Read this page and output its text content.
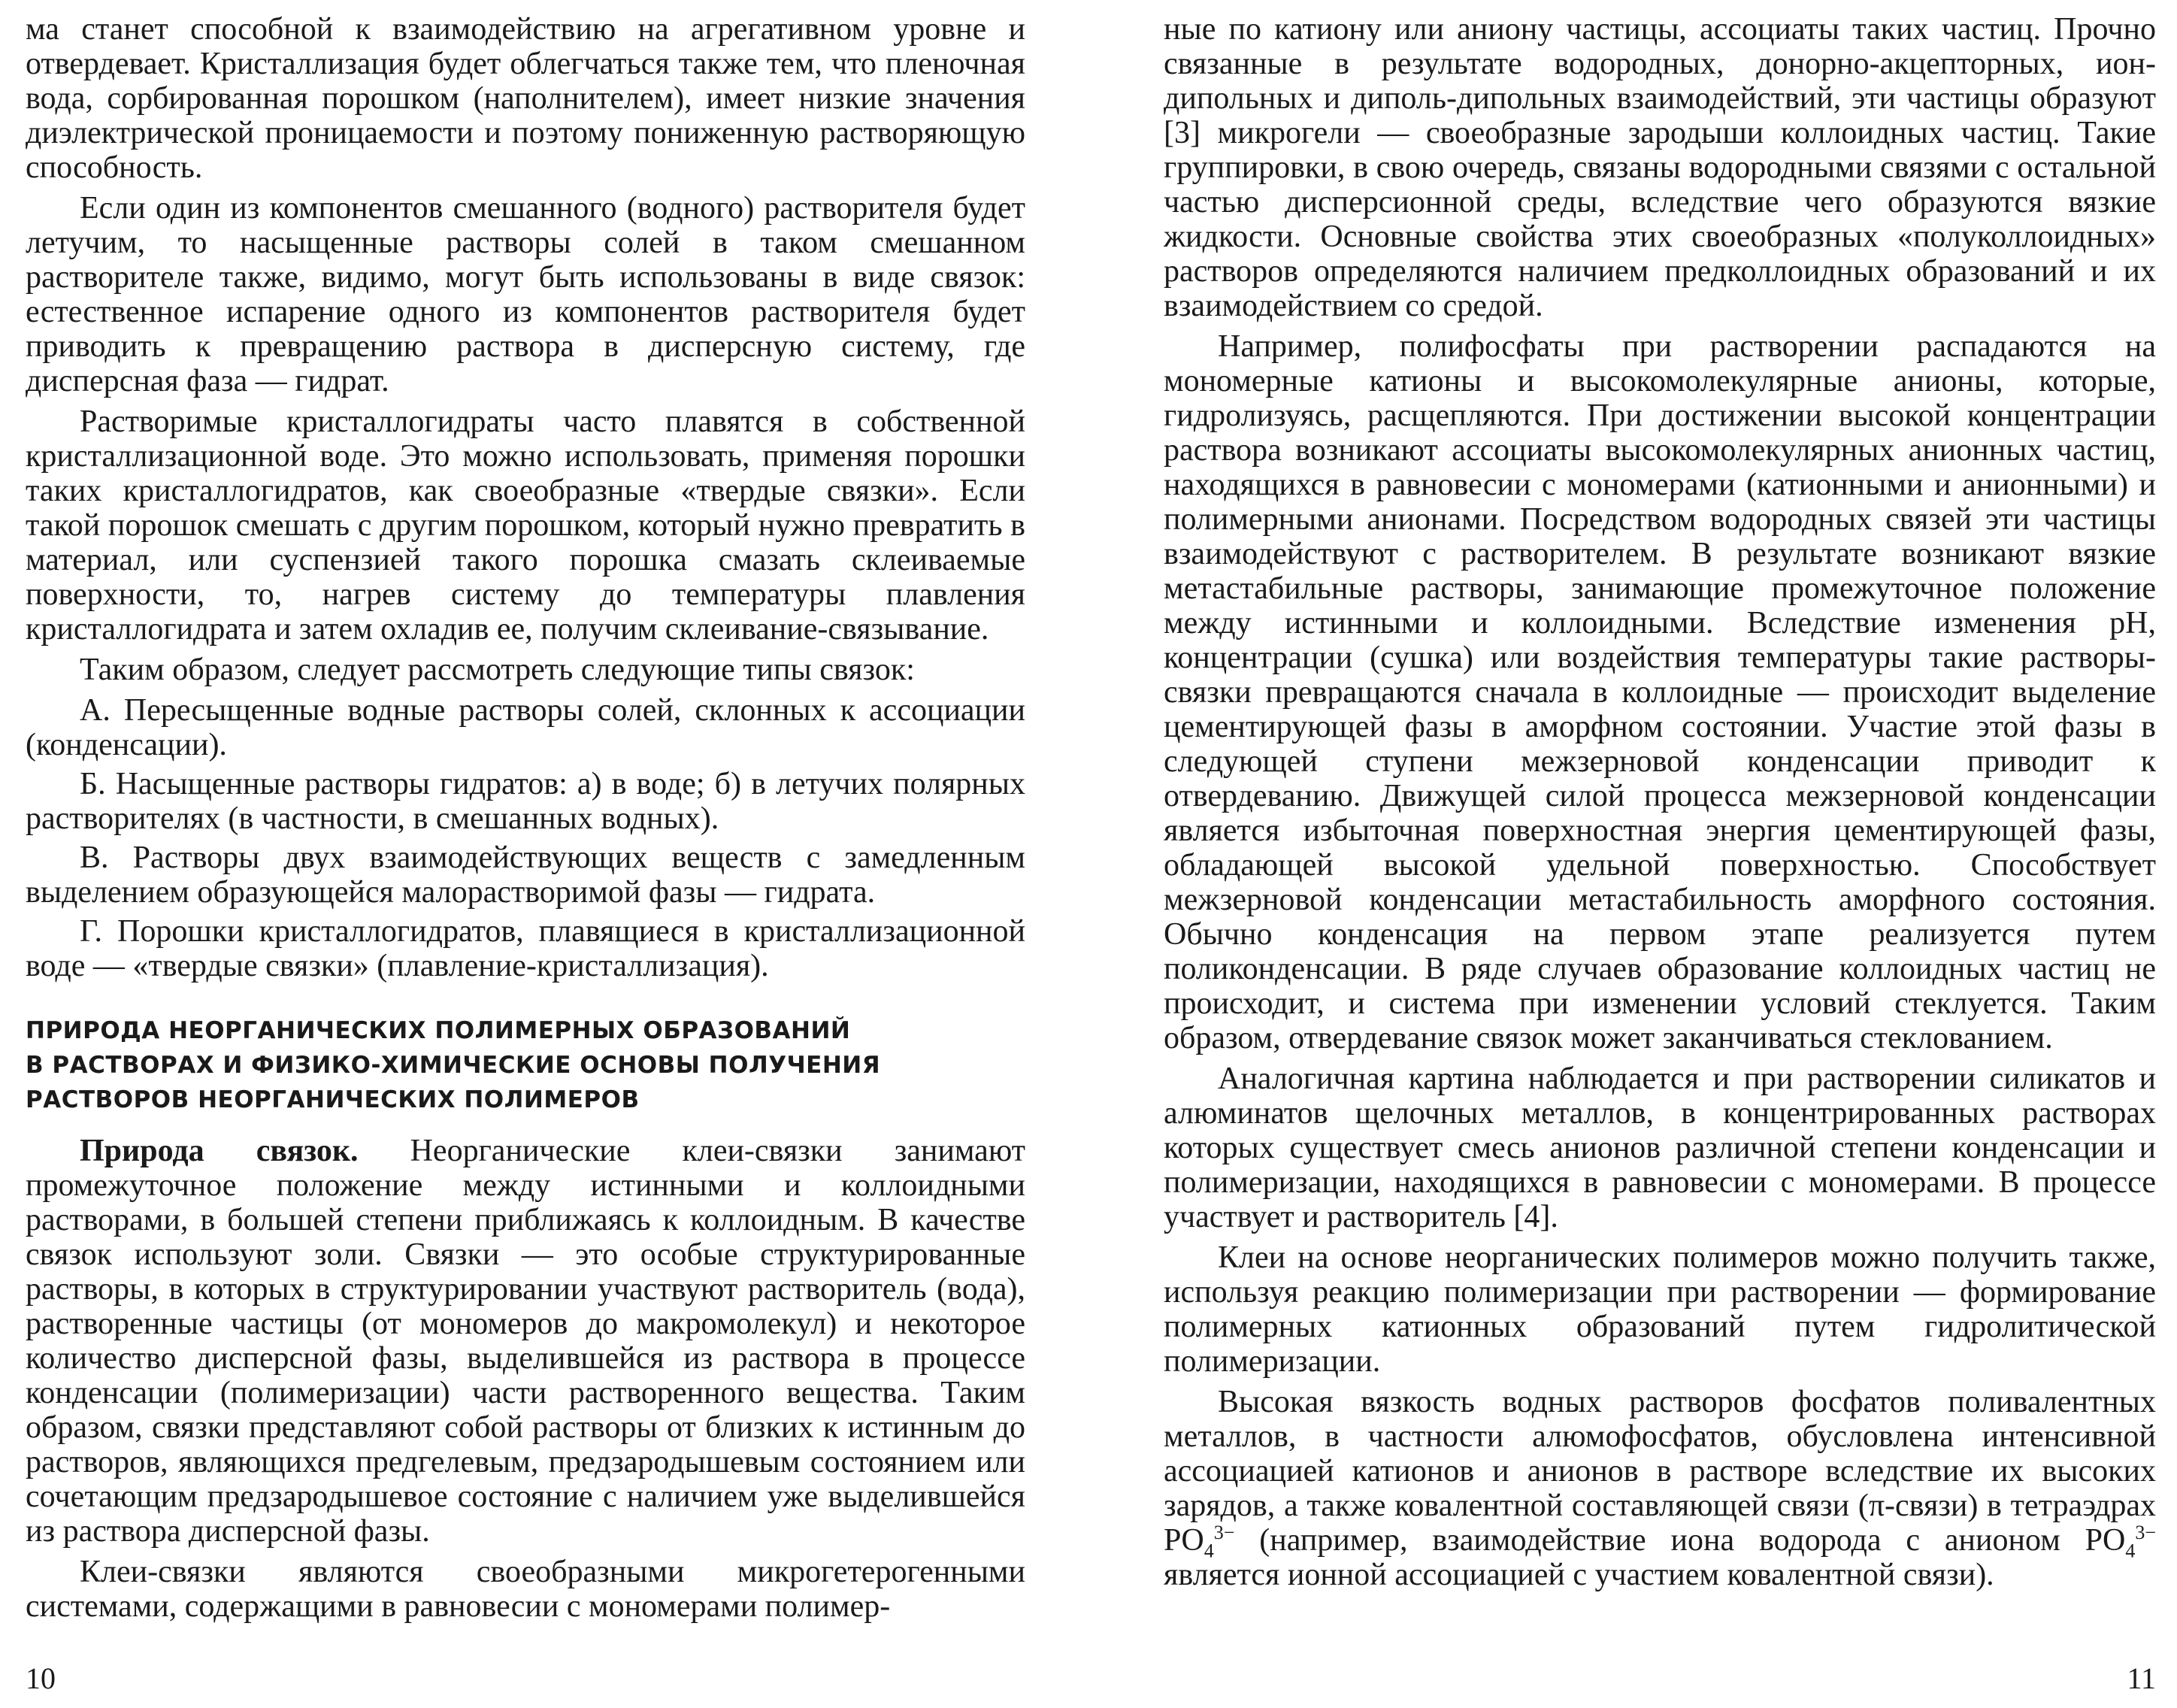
ма станет способной к взаимодействию на агрегативном уровне и отвердевает. Кристаллизация будет облегчаться также тем, что пленочная вода, сорбированная порошком (наполнителем), имеет низкие значения диэлектрической проницаемости и поэтому пониженную растворяющую способность.

Если один из компонентов смешанного (водного) растворителя будет летучим, то насыщенные растворы солей в таком смешанном растворителе также, видимо, могут быть использованы в виде связок: естественное испарение одного из компонентов растворителя будет приводить к превращению раствора в дисперсную систему, где дисперсная фаза — гидрат.

Растворимые кристаллогидраты часто плавятся в собственной кристаллизационной воде. Это можно использовать, применяя порошки таких кристаллогидратов, как своеобразные «твердые связки». Если такой порошок смешать с другим порошком, который нужно превратить в материал, или суспензией такого порошка смазать склеиваемые поверхности, то, нагрев систему до температуры плавления кристаллогидрата и затем охладив ее, получим склеивание-связывание.

Таким образом, следует рассмотреть следующие типы связок:

А. Пересыщенные водные растворы солей, склонных к ассоциации (конденсации).

Б. Насыщенные растворы гидратов: а) в воде; б) в летучих полярных растворителях (в частности, в смешанных водных).

В. Растворы двух взаимодействующих веществ с замедленным выделением образующейся малорастворимой фазы — гидрата.

Г. Порошки кристаллогидратов, плавящиеся в кристаллизационной воде — «твердые связки» (плавление-кристаллизация).

ПРИРОДА НЕОРГАНИЧЕСКИХ ПОЛИМЕРНЫХ ОБРАЗОВАНИЙ
В РАСТВОРАХ И ФИЗИКО-ХИМИЧЕСКИЕ ОСНОВЫ ПОЛУЧЕНИЯ
РАСТВОРОВ НЕОРГАНИЧЕСКИХ ПОЛИМЕРОВ

Природа связок. Неорганические клеи-связки занимают промежуточное положение между истинными и коллоидными растворами, в большей степени приближаясь к коллоидным. В качестве связок используют золи. Связки — это особые структурированные растворы, в которых в структурировании участвуют растворитель (вода), растворенные частицы (от мономеров до макромолекул) и некоторое количество дисперсной фазы, выделившейся из раствора в процессе конденсации (полимеризации) части растворенного вещества. Таким образом, связки представляют собой растворы от близких к истинным до растворов, являющихся предгелевым, предзародышевым состоянием или сочетающим предзародышевое состояние с наличием уже выделившейся из раствора дисперсной фазы.

Клеи-связки являются своеобразными микрогетерогенными системами, содержащими в равновесии с мономерами полимер-

10

ные по катиону или аниону частицы, ассоциаты таких частиц. Прочно связанные в результате водородных, донорно-акцепторных, ион-дипольных и диполь-дипольных взаимодействий, эти частицы образуют [3] микрогели — своеобразные зародыши коллоидных частиц. Такие группировки, в свою очередь, связаны водородными связями с остальной частью дисперсионной среды, вследствие чего образуются вязкие жидкости. Основные свойства этих своеобразных «полуколлоидных» растворов определяются наличием предколлоидных образований и их взаимодействием со средой.

Например, полифосфаты при растворении распадаются на мономерные катионы и высокомолекулярные анионы, которые, гидролизуясь, расщепляются. При достижении высокой концентрации раствора возникают ассоциаты высокомолекулярных анионных частиц, находящихся в равновесии с мономерами (катионными и анионными) и полимерными анионами. Посредством водородных связей эти частицы взаимодействуют с растворителем. В результате возникают вязкие метастабильные растворы, занимающие промежуточное положение между истинными и коллоидными. Вследствие изменения pH, концентрации (сушка) или воздействия температуры такие растворы-связки превращаются сначала в коллоидные — происходит выделение цементирующей фазы в аморфном состоянии. Участие этой фазы в следующей ступени межзерновой конденсации приводит к отвердеванию. Движущей силой процесса межзерновой конденсации является избыточная поверхностная энергия цементирующей фазы, обладающей высокой удельной поверхностью. Способствует межзерновой конденсации метастабильность аморфного состояния. Обычно конденсация на первом этапе реализуется путем поликонденсации. В ряде случаев образование коллоидных частиц не происходит, и система при изменении условий стеклуется. Таким образом, отвердевание связок может заканчиваться стеклованием.

Аналогичная картина наблюдается и при растворении силикатов и алюминатов щелочных металлов, в концентрированных растворах которых существует смесь анионов различной степени конденсации и полимеризации, находящихся в равновесии с мономерами. В процессе участвует и растворитель [4].

Клеи на основе неорганических полимеров можно получить также, используя реакцию полимеризации при растворении — формирование полимерных катионных образований путем гидролитической полимеризации.

Высокая вязкость водных растворов фосфатов поливалентных металлов, в частности алюмофосфатов, обусловлена интенсивной ассоциацией катионов и анионов в растворе вследствие их высоких зарядов, а также ковалентной составляющей связи (π-связи) в тетраэдрах $PO_4^{3-}$ (например, взаимодействие иона водорода с анионом $PO_4^{3-}$ является ионной ассоциацией с участием ковалентной связи).

11
